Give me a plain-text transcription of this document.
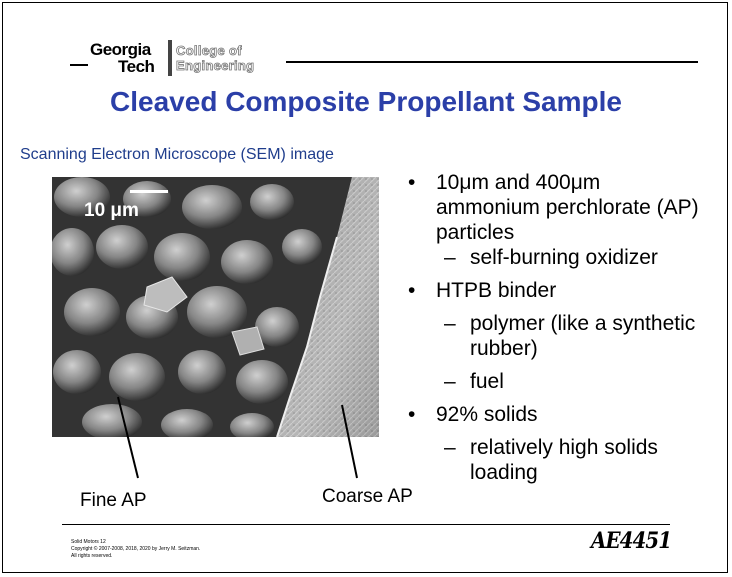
Georgia
Tech
College of
Engineering
Cleaved Composite Propellant Sample
Scanning Electron Microscope (SEM) image
10 μm
Fine AP	Coarse AP
• 10μm and 400μm ammonium perchlorate (AP) particles
– self-burning oxidizer
• HTPB binder
– polymer (like a synthetic rubber)
– fuel
• 92% solids
– relatively high solids loading
Solid Motors 12
Copyright © 2007-2008, 2018, 2020 by Jerry M. Seitzman.
All rights reserved.
AE4451
